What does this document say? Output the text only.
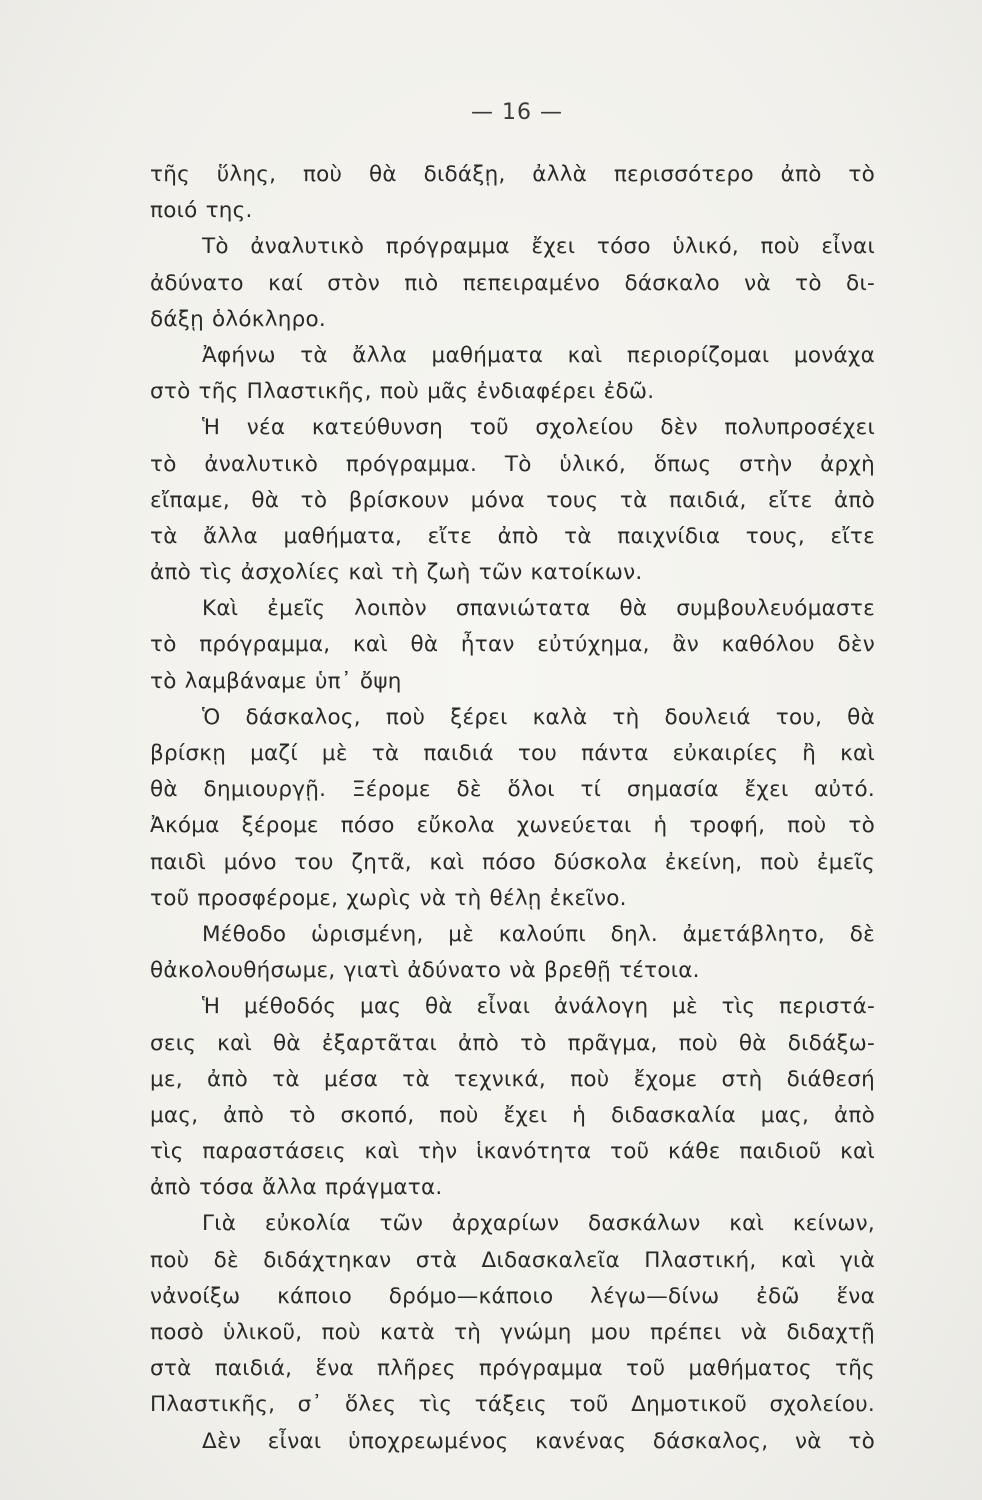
— 16 —
τῆς ὕλης, ποὺ θὰ διδάξῃ, ἀλλὰ περισσότερο ἀπὸ τὸ
ποιό της.
Τὸ ἀναλυτικὸ πρόγραμμα ἔχει τόσο ὑλικό, ποὺ εἶναι
ἀδύνατο καί στὸν πιὸ πεπειραμένο δάσκαλο νὰ τὸ δι-
δάξῃ ὁλόκληρο.
Ἀφήνω τὰ ἄλλα μαθήματα καὶ περιορίζομαι μονάχα
στὸ τῆς Πλαστικῆς, ποὺ μᾶς ἐνδιαφέρει ἐδῶ.
Ἡ νέα κατεύθυνση τοῦ σχολείου δὲν πολυπροσέχει
τὸ ἀναλυτικὸ πρόγραμμα. Τὸ ὑλικό, ὅπως στὴν ἀρχὴ
εἴπαμε, θὰ τὸ βρίσκουν μόνα τους τὰ παιδιά, εἴτε ἀπὸ
τὰ ἄλλα μαθήματα, εἴτε ἀπὸ τὰ παιχνίδια τους, εἴτε
ἀπὸ τὶς ἀσχολίες καὶ τὴ ζωὴ τῶν κατοίκων.
Καὶ ἐμεῖς λοιπὸν σπανιώτατα θὰ συμβουλευόμαστε
τὸ πρόγραμμα, καὶ θὰ ἦταν εὐτύχημα, ἂν καθόλου δὲν
τὸ λαμβάναμε ὑπ᾽ ὄψη
Ὁ δάσκαλος, ποὺ ξέρει καλὰ τὴ δουλειά του, θὰ
βρίσκῃ μαζί μὲ τὰ παιδιά του πάντα εὐκαιρίες ἢ καὶ
θὰ δημιουργῇ. Ξέρομε δὲ ὅλοι τί σημασία ἔχει αὐτό.
Ἀκόμα ξέρομε πόσο εὔκολα χωνεύεται ἡ τροφή, ποὺ τὸ
παιδὶ μόνο του ζητᾶ, καὶ πόσο δύσκολα ἐκείνη, ποὺ ἐμεῖς
τοῦ προσφέρομε, χωρὶς νὰ τὴ θέλῃ ἐκεῖνο.
Μέθοδο ὡρισμένη, μὲ καλούπι δηλ. ἀμετάβλητο, δὲ
θἀκολουθήσωμε, γιατὶ ἀδύνατο νὰ βρεθῇ τέτοια.
Ἡ μέθοδός μας θὰ εἶναι ἀνάλογη μὲ τὶς περιστά-
σεις καὶ θὰ ἐξαρτᾶται ἀπὸ τὸ πρᾶγμα, ποὺ θὰ διδάξω-
με, ἀπὸ τὰ μέσα τὰ τεχνικά, ποὺ ἔχομε στὴ διάθεσή
μας, ἀπὸ τὸ σκοπό, ποὺ ἔχει ἡ διδασκαλία μας, ἀπὸ
τὶς παραστάσεις καὶ τὴν ἱκανότητα τοῦ κάθε παιδιοῦ καὶ
ἀπὸ τόσα ἄλλα πράγματα.
Γιὰ εὐκολία τῶν ἀρχαρίων δασκάλων καὶ κείνων,
ποὺ δὲ διδάχτηκαν στὰ Διδασκαλεῖα Πλαστική, καὶ γιὰ
νἀνοίξω κάποιο δρόμο—κάποιο λέγω—δίνω ἐδῶ ἕνα
ποσὸ ὑλικοῦ, ποὺ κατὰ τὴ γνώμη μου πρέπει νὰ διδαχτῇ
στὰ παιδιά, ἕνα πλῆρες πρόγραμμα τοῦ μαθήματος τῆς
Πλαστικῆς, σ᾽ ὅλες τὶς τάξεις τοῦ Δημοτικοῦ σχολείου.
Δὲν εἶναι ὑποχρεωμένος κανένας δάσκαλος, νὰ τὸ
